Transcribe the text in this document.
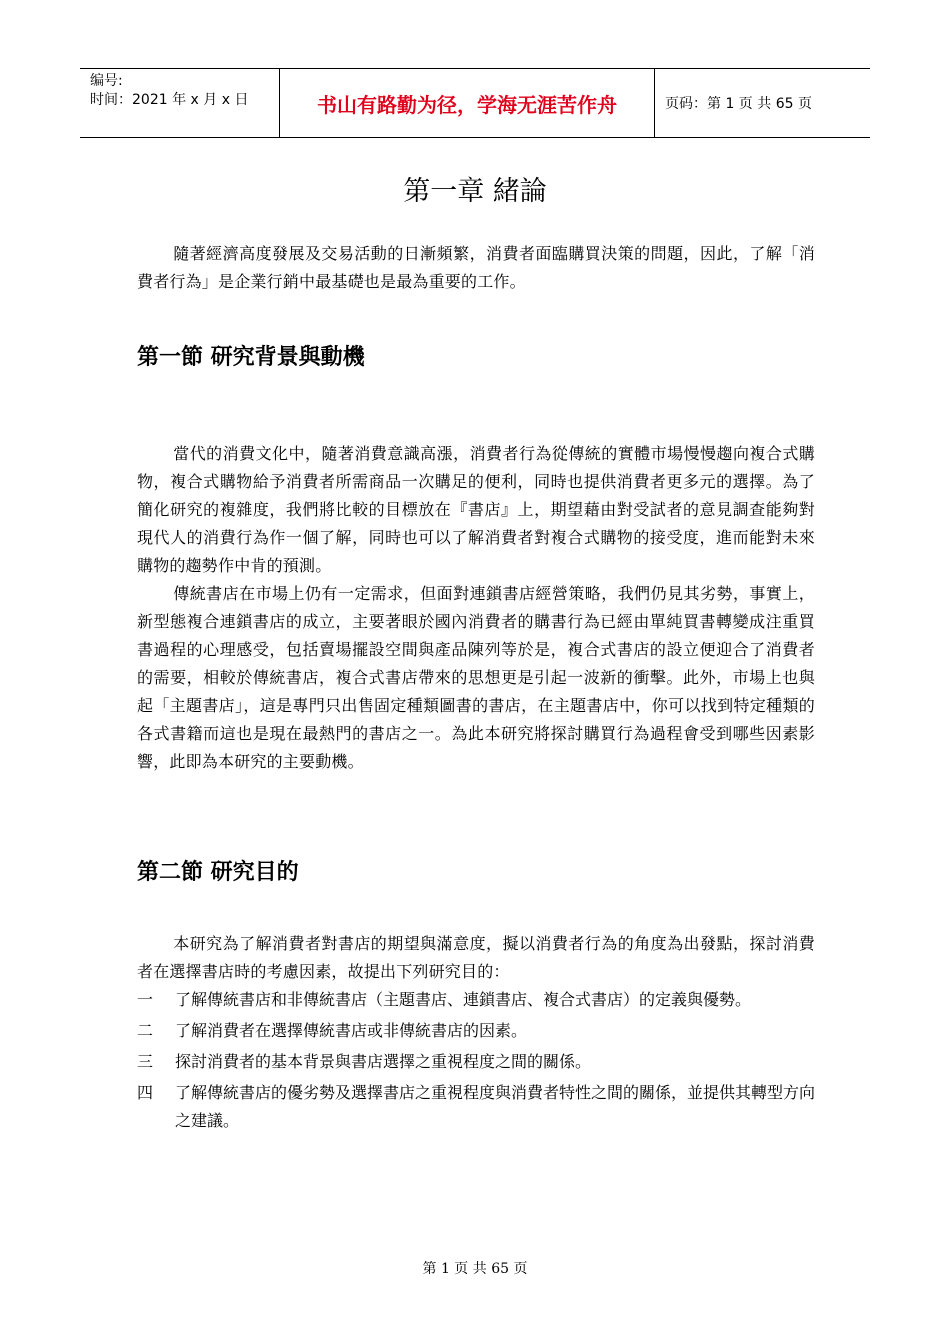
编号:
时间：2021 年 x 月 x 日	书山有路勤为径，学海无涯苦作舟	页码：第 1 页 共 65 页
第一章 緒論

隨著經濟高度發展及交易活動的日漸頻繁，消費者面臨購買決策的問題，因此，了解「消費者行為」是企業行銷中最基礎也是最為重要的工作。

第一節 研究背景與動機

當代的消費文化中，隨著消費意識高漲，消費者行為從傳統的實體市場慢慢趨向複合式購物，複合式購物給予消費者所需商品一次購足的便利，同時也提供消費者更多元的選擇。為了簡化研究的複雜度，我們將比較的目標放在『書店』上，期望藉由對受試者的意見調查能夠對現代人的消費行為作一個了解，同時也可以了解消費者對複合式購物的接受度，進而能對未來購物的趨勢作中肯的預測。

傳統書店在市場上仍有一定需求，但面對連鎖書店經營策略，我們仍見其劣勢，事實上，新型態複合連鎖書店的成立，主要著眼於國內消費者的購書行為已經由單純買書轉變成注重買書過程的心理感受，包括賣場擺設空間與產品陳列等於是，複合式書店的設立便迎合了消費者的需要，相較於傳統書店，複合式書店帶來的思想更是引起一波新的衝擊。此外，市場上也與起「主題書店」，這是專門只出售固定種類圖書的書店，在主題書店中，你可以找到特定種類的各式書籍而這也是現在最熱門的書店之一。為此本研究將探討購買行為過程會受到哪些因素影響，此即為本研究的主要動機。

第二節 研究目的

本研究為了解消費者對書店的期望與滿意度，擬以消費者行為的角度為出發點，探討消費者在選擇書店時的考慮因素，故提出下列研究目的：

一	了解傳統書店和非傳統書店（主題書店、連鎖書店、複合式書店）的定義與優勢。
二	了解消費者在選擇傳統書店或非傳統書店的因素。
三	探討消費者的基本背景與書店選擇之重視程度之間的關係。
四	了解傳統書店的優劣勢及選擇書店之重視程度與消費者特性之間的關係，並提供其轉型方向之建議。
第 1 页 共 65 页
